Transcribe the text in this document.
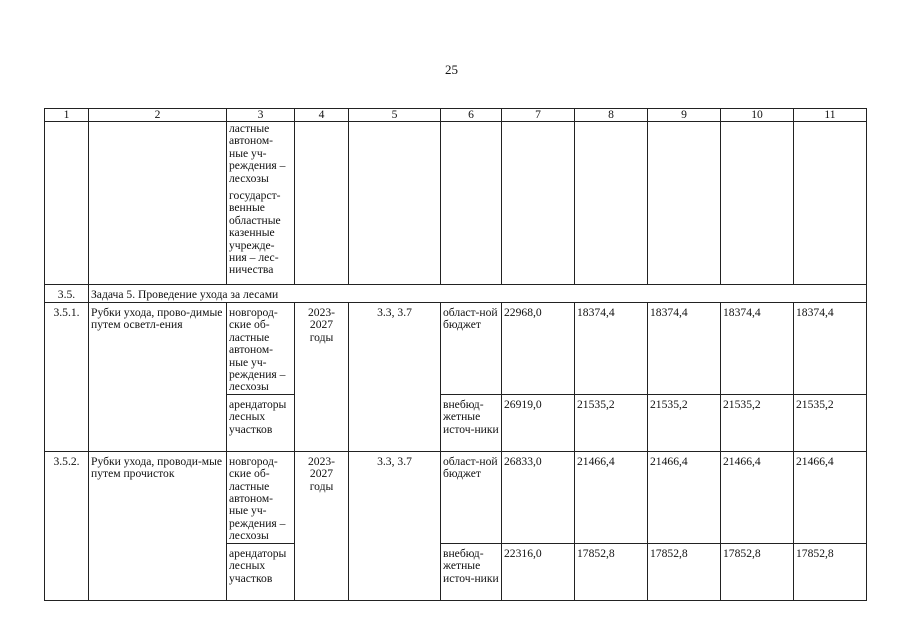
25
1	2	3	4	5	6	7	8	9	10	11

		ластные автоном-ные уч-реждения – лесхозы
государст-венные областные казенные учрежде-ния – лес-ничества								

3.5.	Задача 5. Проведение ухода за лесами									
3.5.1.	Рубки ухода, прово-димые путем осветл-ения	новгород-ские об-ластные автоном-ные уч-реждения – лесхозы	2023-2027 годы	3.3, 3.7	област-ной бюджет	22968,0	18374,4	18374,4	18374,4	18374,4
		арендаторы лесных участков			внебюд-жетные источ-ники	26919,0	21535,2	21535,2	21535,2	21535,2
3.5.2.	Рубки ухода, проводи-мые путем прочисток	новгород-ские об-ластные автоном-ные уч-реждения – лесхозы	2023-2027 годы	3.3, 3.7	област-ной бюджет	26833,0	21466,4	21466,4	21466,4	21466,4
		арендаторы лесных участков			внебюд-жетные источ-ники	22316,0	17852,8	17852,8	17852,8	17852,8
